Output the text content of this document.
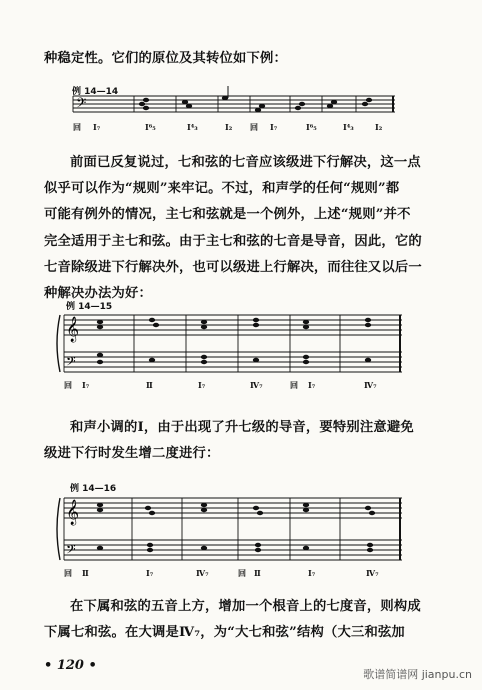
种稳定性。它们的原位及其转位如下例：
例 14—14
𝄢
回 Ⅰ₇	Ⅰ⁶₅	Ⅰ⁴₃	Ⅰ₂ 回 Ⅰ₇	Ⅰ⁶₅	Ⅰ⁴₃	Ⅰ₂
前面已反复说过，七和弦的七音应该级进下行解决，这一点
似乎可以作为“规则”来牢记。不过，和声学的任何“规则”都
可能有例外的情况，主七和弦就是一个例外，上述“规则”并不
完全适用于主七和弦。由于主七和弦的七音是导音，因此，它的
七音除级进下行解决外，也可以级进上行解决，而往往又以后一
种解决办法为好：
例 14—15
𝄞
𝄢
回 Ⅰ₇	Ⅱ	Ⅰ₇	Ⅳ₇	回 Ⅰ₇	Ⅳ₇
和声小调的Ⅰ，由于出现了升七级的导音，要特别注意避免
级进下行时发生增二度进行：
例 14—16
𝄞
𝄢
回 Ⅱ	Ⅰ₇	Ⅳ₇	回 Ⅱ	Ⅰ₇	Ⅳ₇
在下属和弦的五音上方，增加一个根音上的七度音，则构成
下属七和弦。在大调是Ⅳ₇，为“大七和弦”结构（大三和弦加
• 120 •
歌谱简谱网 jianpu.cn
